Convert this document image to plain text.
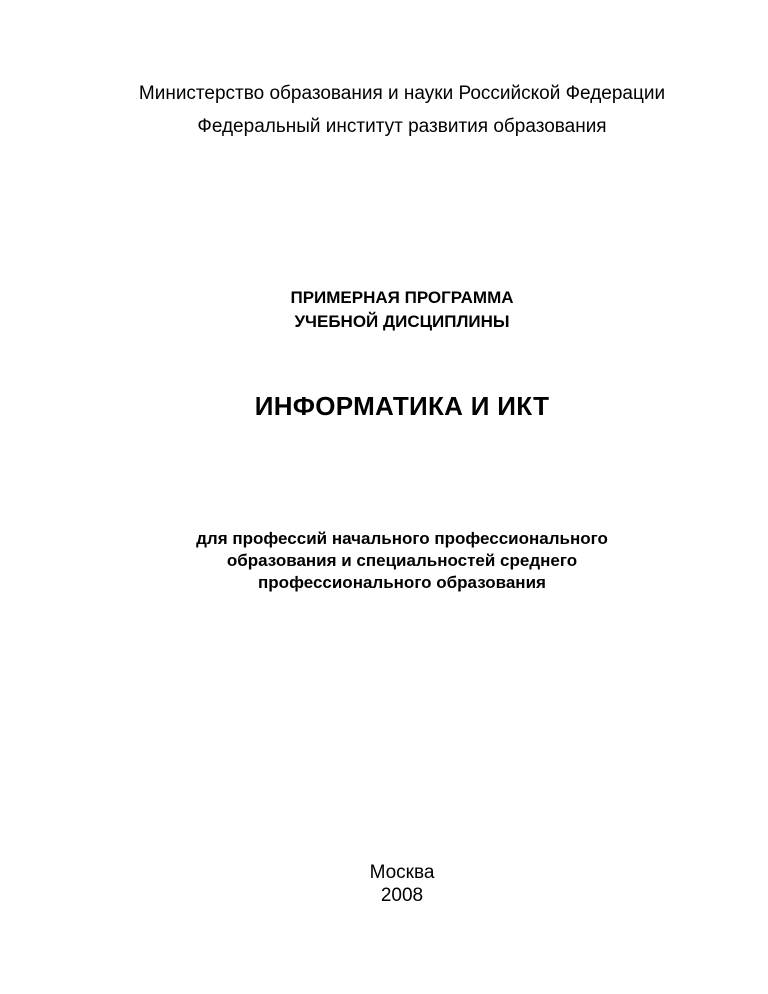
Министерство образования и науки Российской Федерации
Федеральный институт развития образования
ПРИМЕРНАЯ ПРОГРАММА
УЧЕБНОЙ ДИСЦИПЛИНЫ
ИНФОРМАТИКА И ИКТ
для профессий начального профессионального
образования и специальностей среднего
профессионального образования
Москва
2008
